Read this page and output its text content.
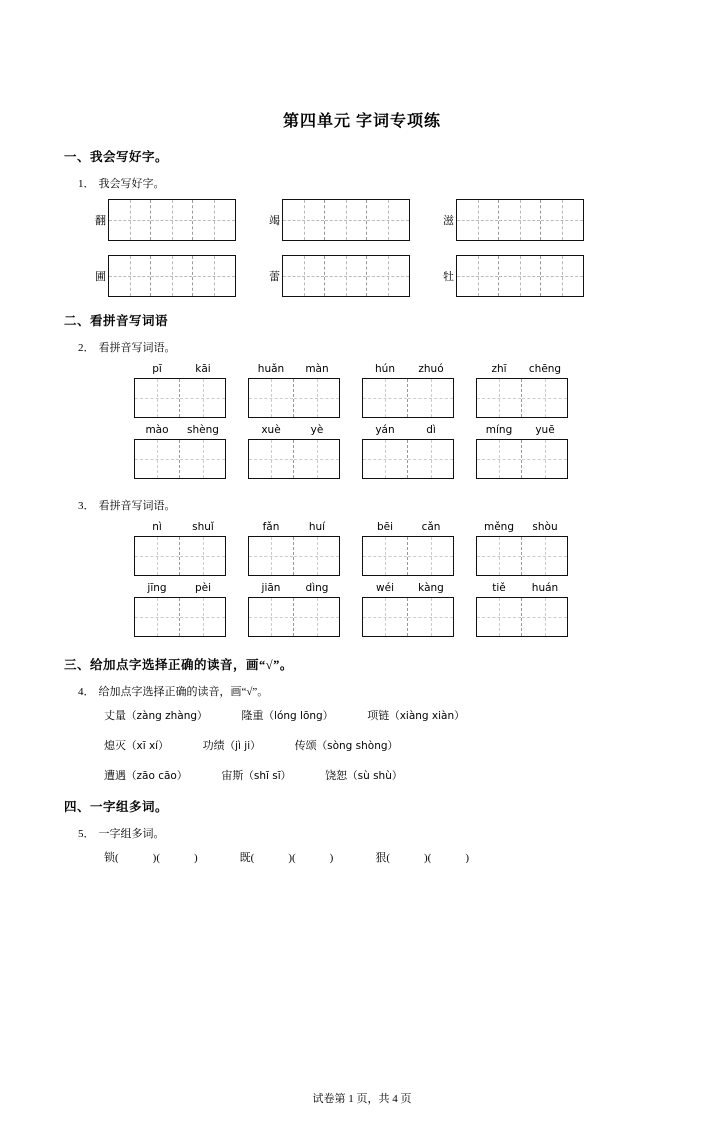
第四单元 字词专项练
一、我会写好字。
1． 我会写好字。
翻	竭	滋
圃	蕾	牡
二、看拼音写词语
2． 看拼音写词语。
pī	kāi	huǎn	màn	hún	zhuó	zhī	chēng
mào	shèng	xuè	yè	yán	dì	míng	yuē
3． 看拼音写词语。
nì	shuǐ	fǎn	huí	bēi	cǎn	měng	shòu
jīng	pèi	jiān	dìng	wéi	kàng	tiě	huán
三、给加点字选择正确的读音，画“√”。
4． 给加点字选择正确的读音，画“√”。
丈量（zàng zhàng）	隆重（lóng lōng）	项链（xiàng xiàn）
熄灭（xī xí）	功绩（jì ji）	传颂（sòng shòng）
遭遇（zāo cāo）	宙斯（shī sī）	饶恕（sù shù）
四、一字组多词。
5． 一字组多词。
锁(	)(	)	既(	)(	)	狠(	)(	)
试卷第 1 页，共 4 页
